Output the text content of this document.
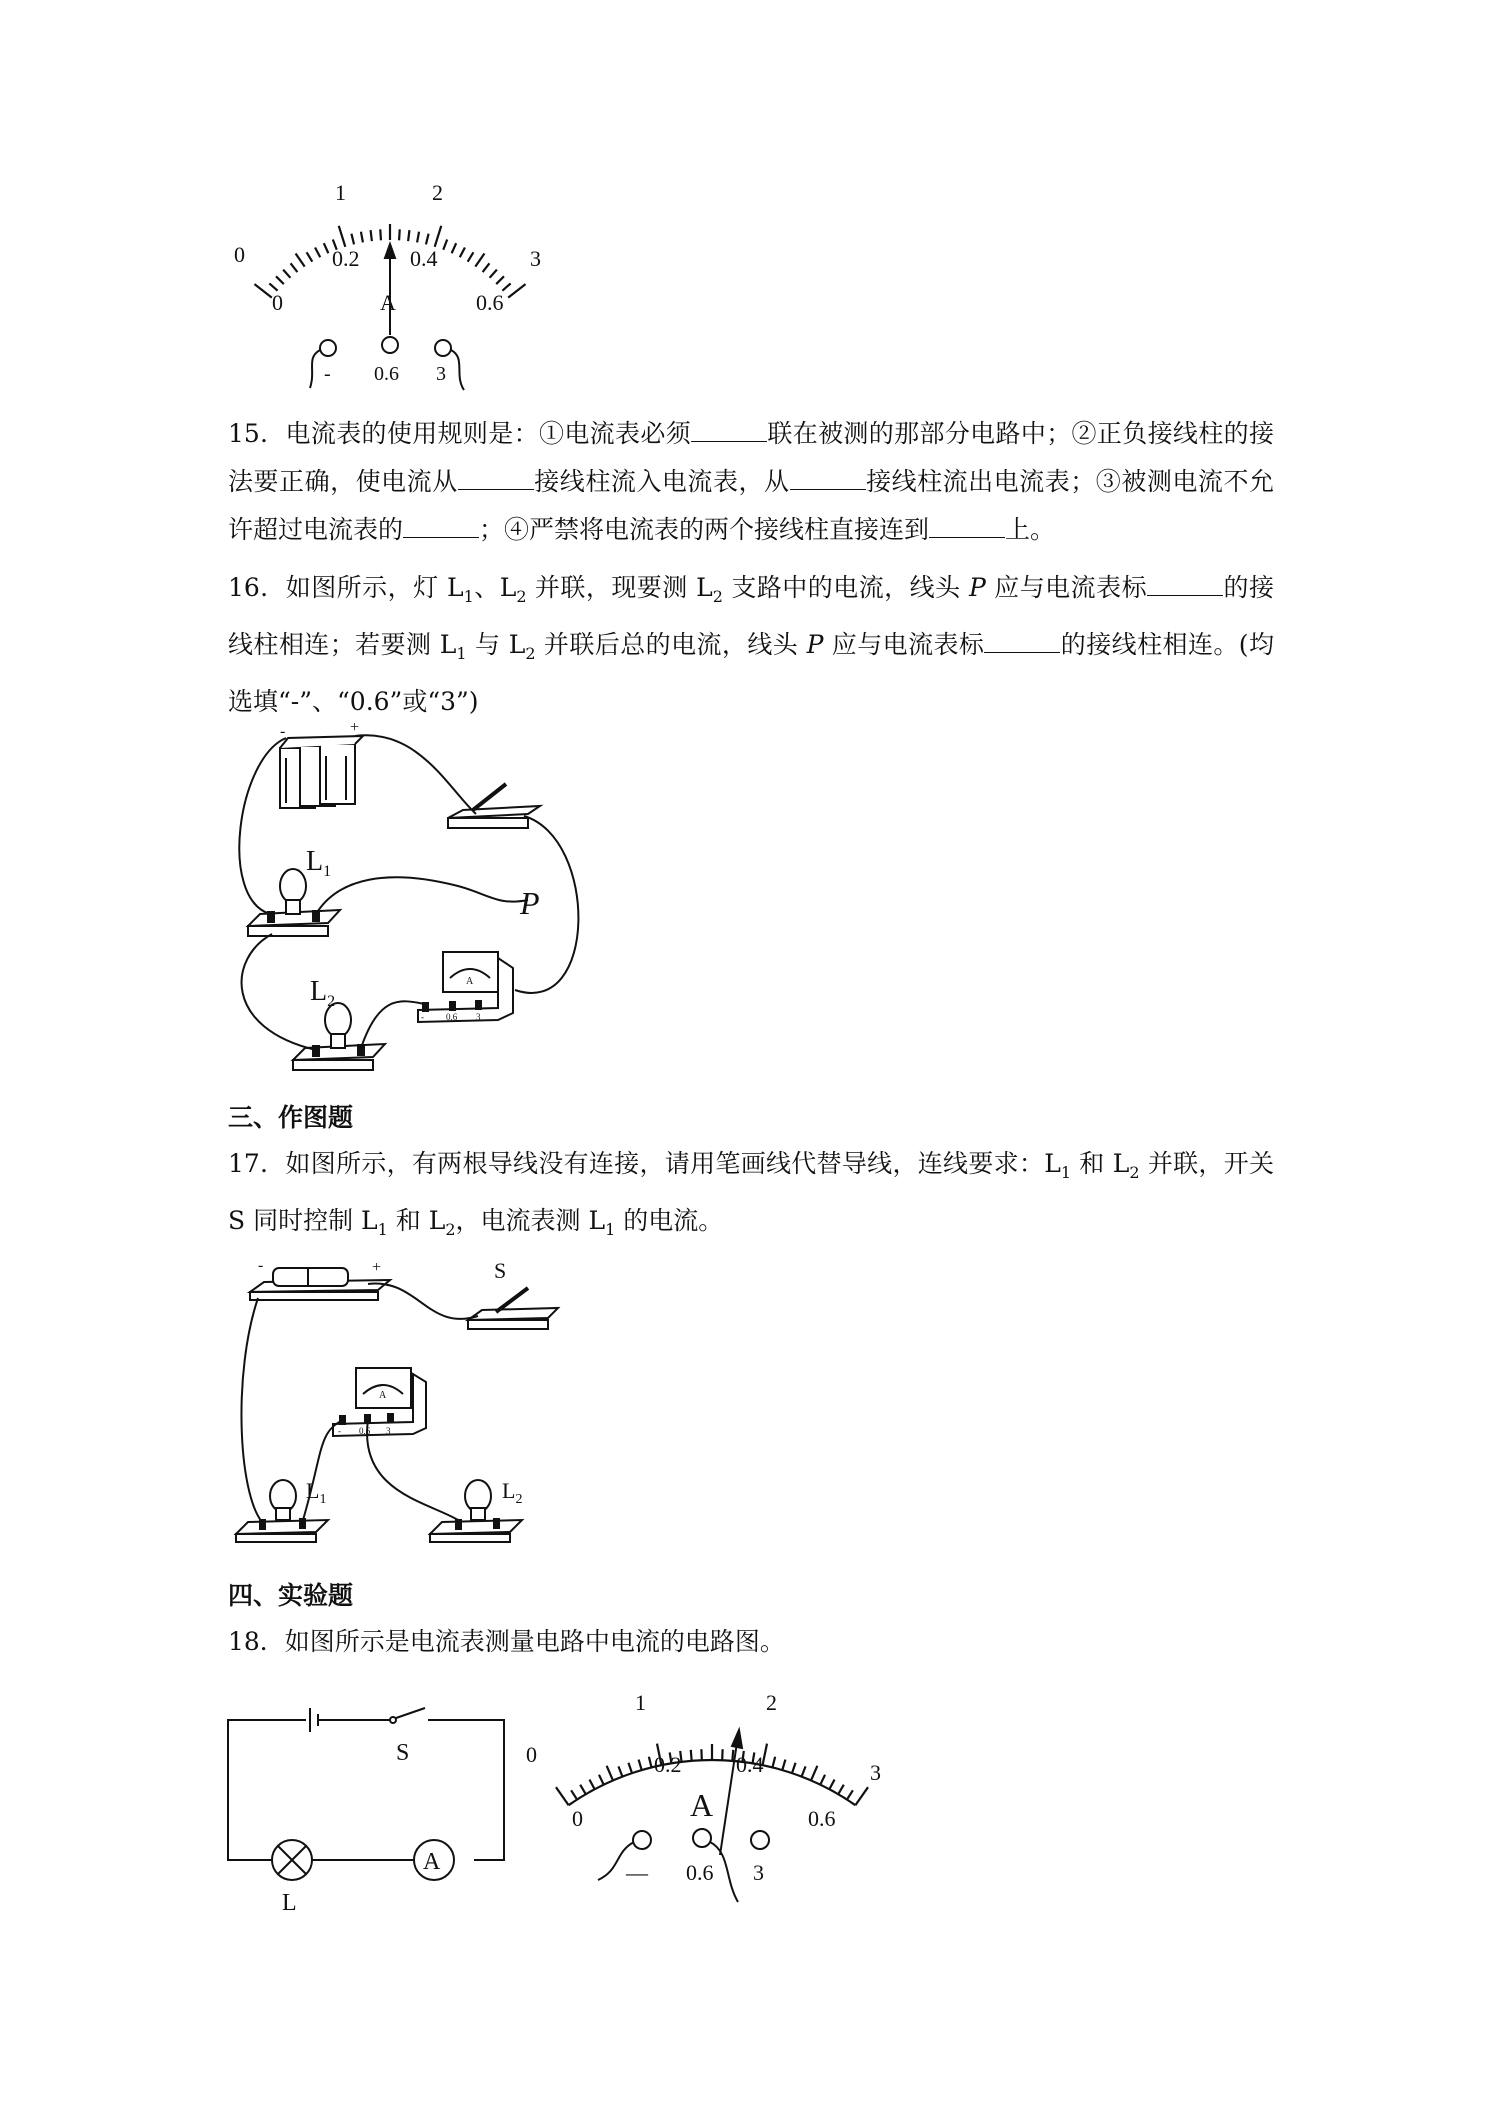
0
1	2
3
0
0.2 0.4
0.6
A
- 0.6 3
15．电流表的使用规则是：①电流表必须	联在被测的那部分电路中；②正负接线柱的接法要正确，使电流从	接线柱流入电流表，从	接线柱流出电流表；③被测电流不允许超过电流表的	；④严禁将电流表的两个接线柱直接连到	上。
16．如图所示，灯 $L_1$、$L_2$ 并联，现要测 $L_2$ 支路中的电流，线头 P 应与电流表标	的接线柱相连；若要测 $L_1$ 与 $L_2$ 并联后总的电流，线头 P 应与电流表标	的接线柱相连。(均选填“-”、“0.6”或“3”)
-	+
$L_1$
$L_2$
P
A
- 0.6 3
三、作图题
17．如图所示，有两根导线没有连接，请用笔画线代替导线，连线要求：$L_1$ 和 $L_2$ 并联，开关 S 同时控制 $L_1$ 和 $L_2$，电流表测 $L_1$ 的电流。
-	+	S
$L_1$	$L_2$
A
- 0.6 3
四、实验题
18．如图所示是电流表测量电路中电流的电路图。
S
L
A
0
1	2
3
0
0.2 0.4
0.6
A
— 0.6 3
